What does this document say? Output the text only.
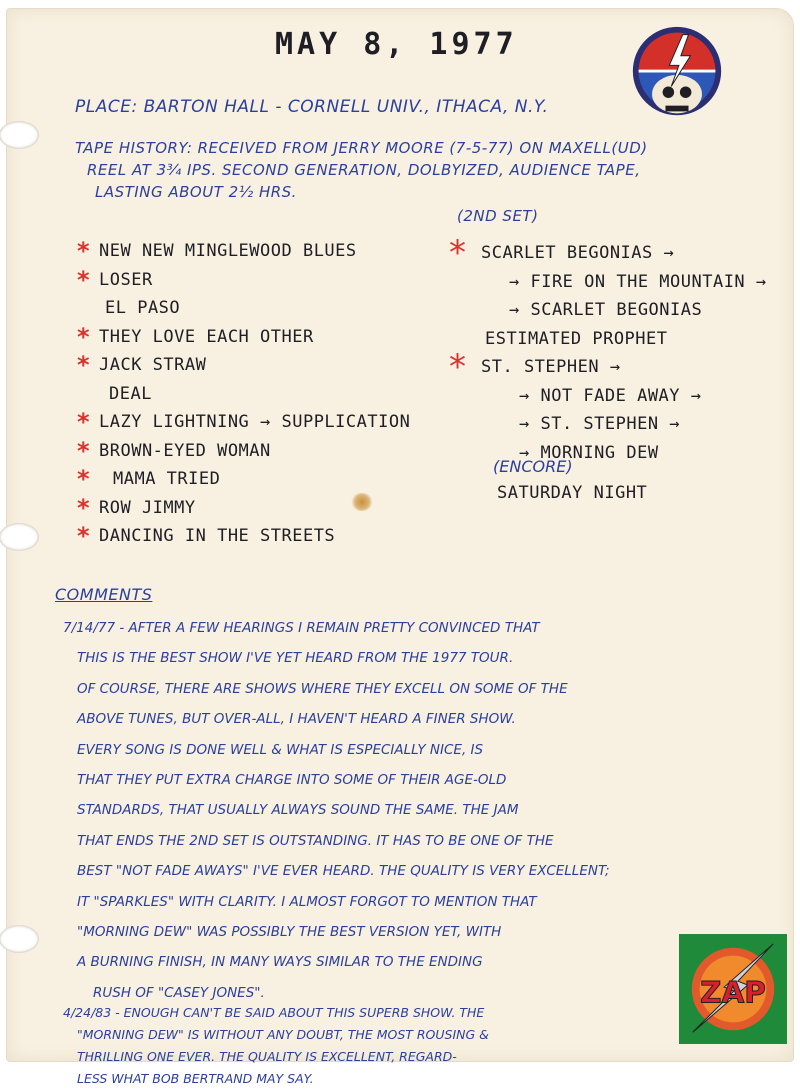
MAY 8, 1977

PLACE: BARTON HALL - CORNELL UNIV., ITHACA, N.Y.

TAPE HISTORY: RECEIVED FROM JERRY MOORE (7-5-77) ON MAXELL(UD)
REEL AT 3¾ IPS. SECOND GENERATION, DOLBYIZED, AUDIENCE TAPE,
LASTING ABOUT 2½ HRS.
* NEW NEW MINGLEWOOD BLUES
* LOSER
EL PASO
* THEY LOVE EACH OTHER
* JACK STRAW
DEAL
* LAZY LIGHTNING → SUPPLICATION
* BROWN-EYED WOMAN
* MAMA TRIED
* ROW JIMMY
* DANCING IN THE STREETS

(2ND SET)

* SCARLET BEGONIAS →
→ FIRE ON THE MOUNTAIN →
→ SCARLET BEGONIAS
ESTIMATED PROPHET
* ST. STEPHEN →
→ NOT FADE AWAY →
→ ST. STEPHEN →
→ MORNING DEW
(ENCORE)

SATURDAY NIGHT

COMMENTS

7/14/77 - AFTER A FEW HEARINGS I REMAIN PRETTY CONVINCED THAT
THIS IS THE BEST SHOW I'VE YET HEARD FROM THE 1977 TOUR.
OF COURSE, THERE ARE SHOWS WHERE THEY EXCELL ON SOME OF THE
ABOVE TUNES, BUT OVER-ALL, I HAVEN'T HEARD A FINER SHOW.
EVERY SONG IS DONE WELL & WHAT IS ESPECIALLY NICE, IS
THAT THEY PUT EXTRA CHARGE INTO SOME OF THEIR AGE-OLD
STANDARDS, THAT USUALLY ALWAYS SOUND THE SAME. THE JAM
THAT ENDS THE 2ND SET IS OUTSTANDING. IT HAS TO BE ONE OF THE
BEST "NOT FADE AWAYS" I'VE EVER HEARD. THE QUALITY IS VERY EXCELLENT;
IT "SPARKLES" WITH CLARITY. I ALMOST FORGOT TO MENTION THAT
"MORNING DEW" WAS POSSIBLY THE BEST VERSION YET, WITH
A BURNING FINISH, IN MANY WAYS SIMILAR TO THE ENDING
RUSH OF "CASEY JONES".
4/24/83 - ENOUGH CAN'T BE SAID ABOUT THIS SUPERB SHOW. THE
"MORNING DEW" IS WITHOUT ANY DOUBT, THE MOST ROUSING &
THRILLING ONE EVER. THE QUALITY IS EXCELLENT, REGARD-
LESS WHAT BOB BERTRAND MAY SAY.
ZAP
